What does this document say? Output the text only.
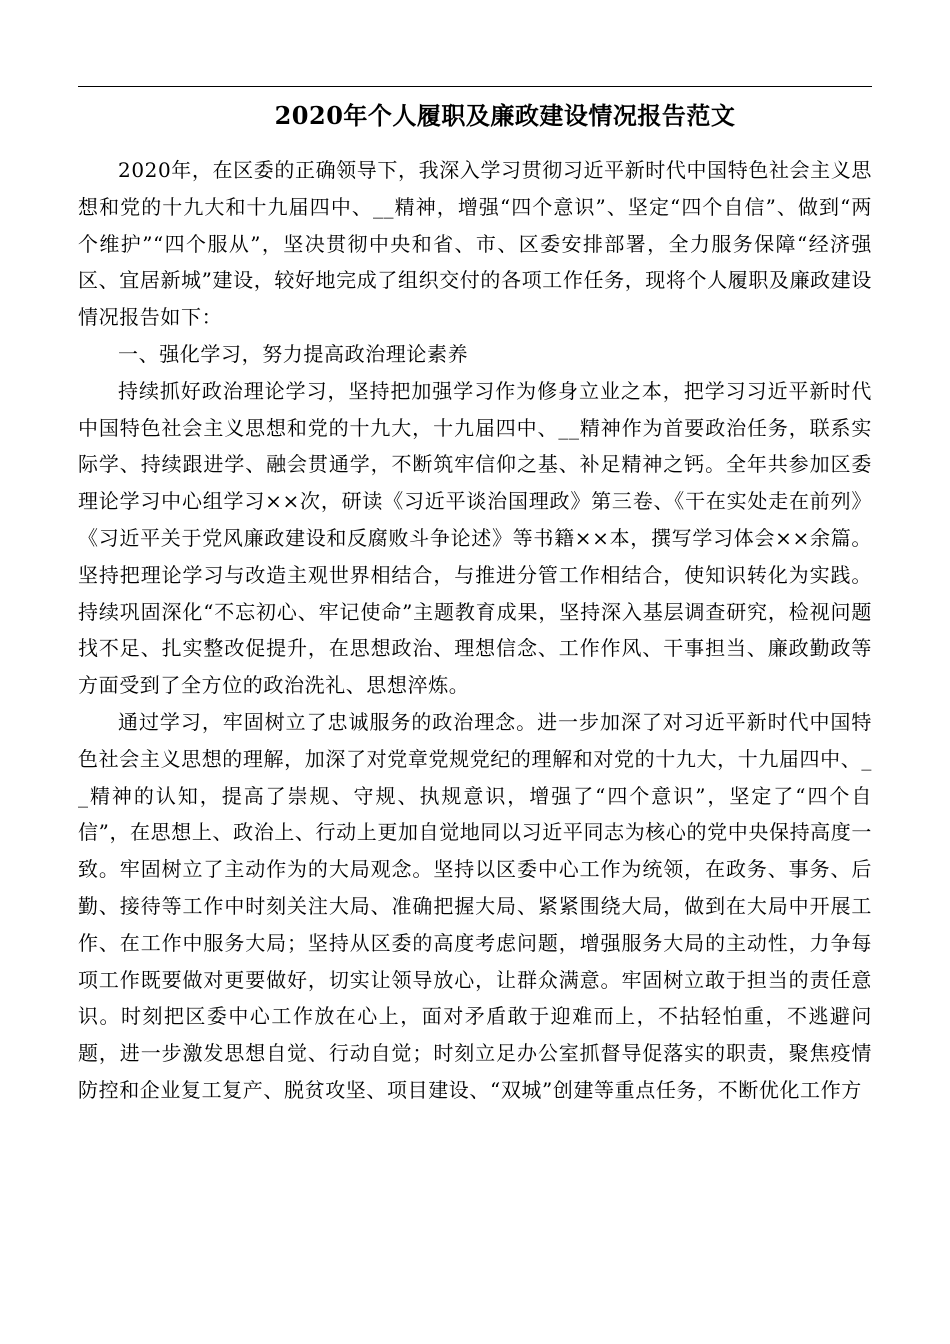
2020年个人履职及廉政建设情况报告范文

2020年，在区委的正确领导下，我深入学习贯彻习近平新时代中国特色社会主义思想和党的十九大和十九届四中、__精神，增强“四个意识”、坚定“四个自信”、做到“两个维护”“四个服从”，坚决贯彻中央和省、市、区委安排部署，全力服务保障“经济强区、宜居新城”建设，较好地完成了组织交付的各项工作任务，现将个人履职及廉政建设情况报告如下：

一、强化学习，努力提高政治理论素养

持续抓好政治理论学习，坚持把加强学习作为修身立业之本，把学习习近平新时代中国特色社会主义思想和党的十九大，十九届四中、__精神作为首要政治任务，联系实际学、持续跟进学、融会贯通学，不断筑牢信仰之基、补足精神之钙。全年共参加区委理论学习中心组学习××次，研读《习近平谈治国理政》第三卷、《干在实处走在前列》《习近平关于党风廉政建设和反腐败斗争论述》等书籍××本，撰写学习体会××余篇。坚持把理论学习与改造主观世界相结合，与推进分管工作相结合，使知识转化为实践。持续巩固深化“不忘初心、牢记使命”主题教育成果，坚持深入基层调查研究，检视问题找不足、扎实整改促提升，在思想政治、理想信念、工作作风、干事担当、廉政勤政等方面受到了全方位的政治洗礼、思想淬炼。

通过学习，牢固树立了忠诚服务的政治理念。进一步加深了对习近平新时代中国特色社会主义思想的理解，加深了对党章党规党纪的理解和对党的十九大，十九届四中、__精神的认知，提高了崇规、守规、执规意识，增强了“四个意识”，坚定了“四个自信”，在思想上、政治上、行动上更加自觉地同以习近平同志为核心的党中央保持高度一致。牢固树立了主动作为的大局观念。坚持以区委中心工作为统领，在政务、事务、后勤、接待等工作中时刻关注大局、准确把握大局、紧紧围绕大局，做到在大局中开展工作、在工作中服务大局；坚持从区委的高度考虑问题，增强服务大局的主动性，力争每项工作既要做对更要做好，切实让领导放心，让群众满意。牢固树立敢于担当的责任意识。时刻把区委中心工作放在心上，面对矛盾敢于迎难而上，不拈轻怕重，不逃避问题，进一步激发思想自觉、行动自觉；时刻立足办公室抓督导促落实的职责，聚焦疫情防控和企业复工复产、脱贫攻坚、项目建设、“双城”创建等重点任务，不断优化工作方
